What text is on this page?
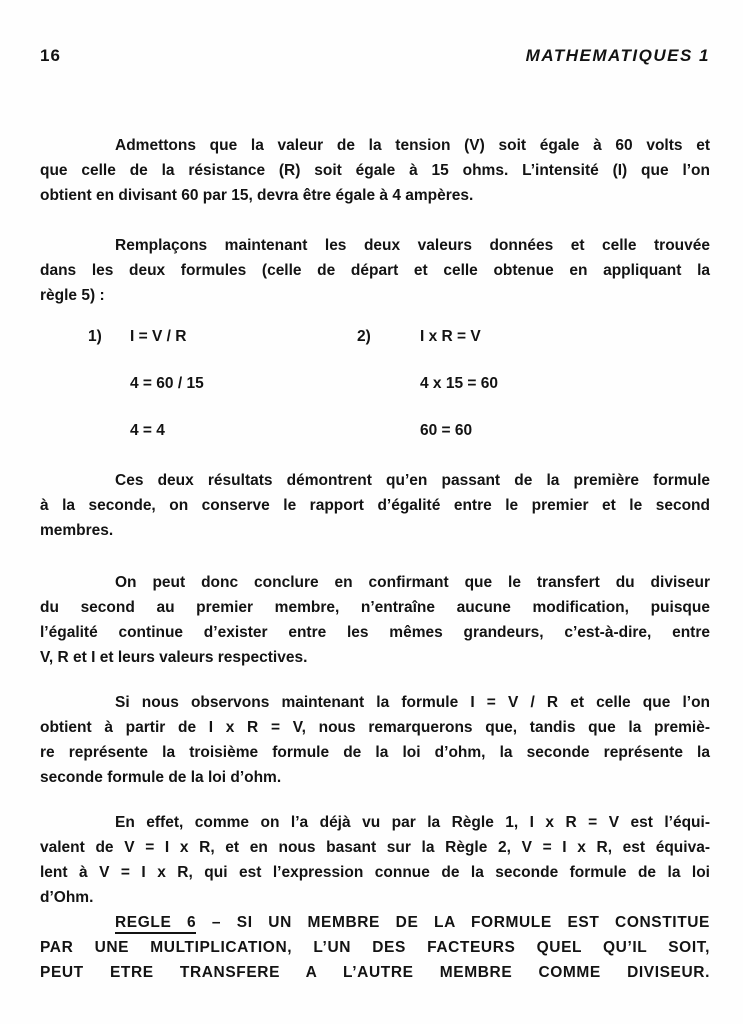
16	MATHEMATIQUES 1
Admettons que la valeur de la tension (V) soit égale à 60 volts et
que celle de la résistance (R) soit égale à 15 ohms. L’intensité (I) que l’on
obtient en divisant 60 par 15, devra être égale à 4 ampères.
Remplaçons maintenant les deux valeurs données et celle trouvée
dans les deux formules (celle de départ et celle obtenue en appliquant la
règle 5) :
1)	I = V / R	2)	I x R = V
4 = 60 / 15	4 x 15 = 60
4 = 4	60 = 60
Ces deux résultats démontrent qu’en passant de la première formule
à la seconde, on conserve le rapport d’égalité entre le premier et le second
membres.
On peut donc conclure en confirmant que le transfert du diviseur
du second au premier membre, n’entraîne aucune modification, puisque
l’égalité continue d’exister entre les mêmes grandeurs, c’est-à-dire, entre
V, R et I et leurs valeurs respectives.
Si nous observons maintenant la formule I = V / R et celle que l’on
obtient à partir de I x R = V, nous remarquerons que, tandis que la premiè-
re représente la troisième formule de la loi d’ohm, la seconde représente la
seconde formule de la loi d’ohm.
En effet, comme on l’a déjà vu par la Règle 1, I x R = V est l’équi-
valent de V = I x R, et en nous basant sur la Règle 2, V = I x R, est équiva-
lent à V = I x R, qui est l’expression connue de la seconde formule de la loi
d’Ohm.
REGLE 6 – SI UN MEMBRE DE LA FORMULE EST CONSTITUE
PAR UNE MULTIPLICATION, L’UN DES FACTEURS QUEL QU’IL SOIT,
PEUT ETRE TRANSFERE A L’AUTRE MEMBRE COMME DIVISEUR.
